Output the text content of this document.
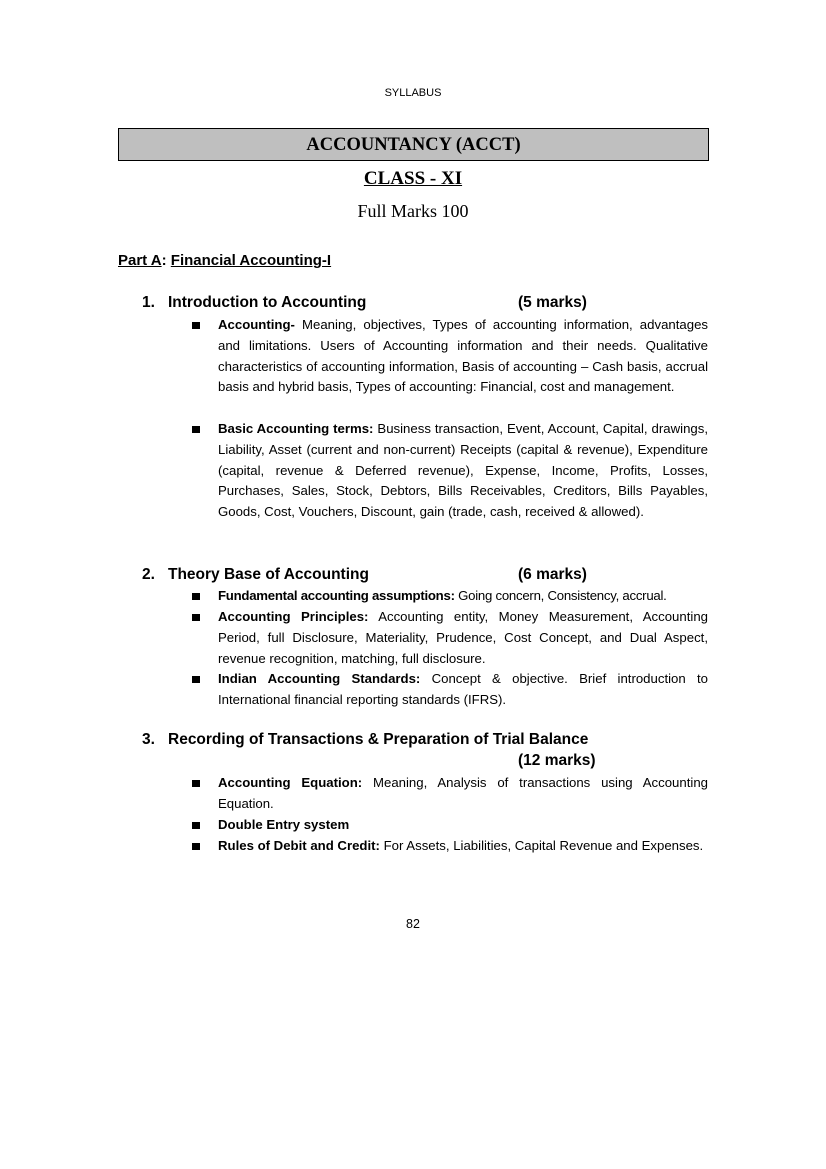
SYLLABUS
ACCOUNTANCY (ACCT)
CLASS - XI
Full Marks 100
Part A: Financial Accounting-I
1. Introduction to Accounting	(5 marks)
Accounting- Meaning, objectives, Types of accounting information, advantages and limitations. Users of Accounting information and their needs. Qualitative characteristics of accounting information, Basis of accounting – Cash basis, accrual basis and hybrid basis, Types of accounting: Financial, cost and management.
Basic Accounting terms: Business transaction, Event, Account, Capital, drawings, Liability, Asset (current and non-current) Receipts (capital & revenue), Expenditure (capital, revenue & Deferred revenue), Expense, Income, Profits, Losses, Purchases, Sales, Stock, Debtors, Bills Receivables, Creditors, Bills Payables, Goods, Cost, Vouchers, Discount, gain (trade, cash, received & allowed).
2. Theory Base of Accounting	(6 marks)
Fundamental accounting assumptions: Going concern, Consistency, accrual.
Accounting Principles: Accounting entity, Money Measurement, Accounting Period, full Disclosure, Materiality, Prudence, Cost Concept, and Dual Aspect, revenue recognition, matching, full disclosure.
Indian Accounting Standards: Concept & objective. Brief introduction to International financial reporting standards (IFRS).
3. Recording of Transactions & Preparation of Trial Balance
(12 marks)
Accounting Equation: Meaning, Analysis of transactions using Accounting Equation.
Double Entry system
Rules of Debit and Credit: For Assets, Liabilities, Capital Revenue and Expenses.
82
